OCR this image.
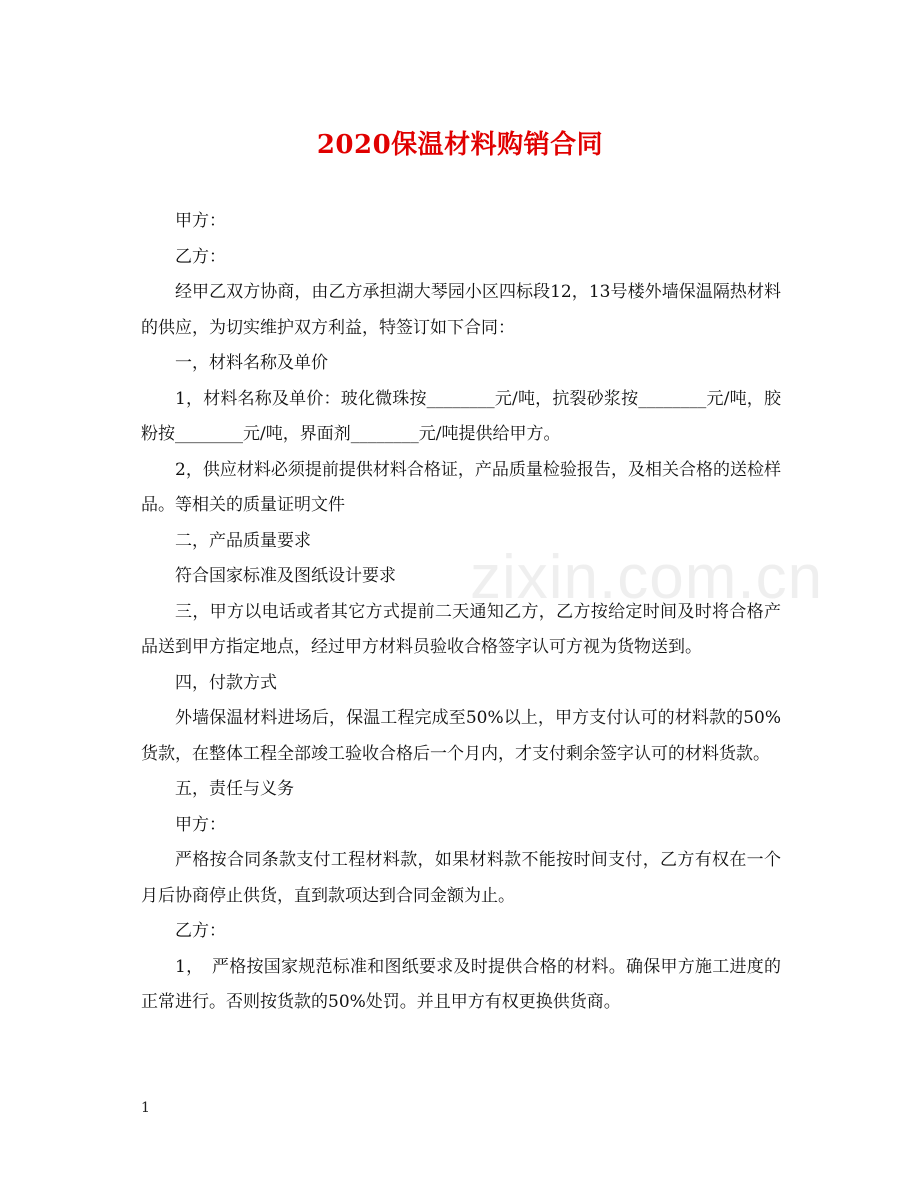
2020保温材料购销合同

甲方：

乙方：

经甲乙双方协商，由乙方承担湖大琴园小区四标段12，13号楼外墙保温隔热材料的供应，为切实维护双方利益，特签订如下合同：

一，材料名称及单价

1，材料名称及单价：玻化微珠按________元/吨，抗裂砂浆按________元/吨，胶粉按________元/吨，界面剂________元/吨提供给甲方。

2，供应材料必须提前提供材料合格证，产品质量检验报告，及相关合格的送检样品。等相关的质量证明文件

二，产品质量要求

符合国家标准及图纸设计要求

三，甲方以电话或者其它方式提前二天通知乙方，乙方按给定时间及时将合格产品送到甲方指定地点，经过甲方材料员验收合格签字认可方视为货物送到。

四，付款方式

外墙保温材料进场后，保温工程完成至50%以上，甲方支付认可的材料款的50%货款，在整体工程全部竣工验收合格后一个月内，才支付剩余签字认可的材料货款。

五，责任与义务

甲方：

严格按合同条款支付工程材料款，如果材料款不能按时间支付，乙方有权在一个月后协商停止供货，直到款项达到合同金额为止。

乙方：

1，　严格按国家规范标准和图纸要求及时提供合格的材料。确保甲方施工进度的正常进行。否则按货款的50%处罚。并且甲方有权更换供货商。

zixin.com.cn
1
